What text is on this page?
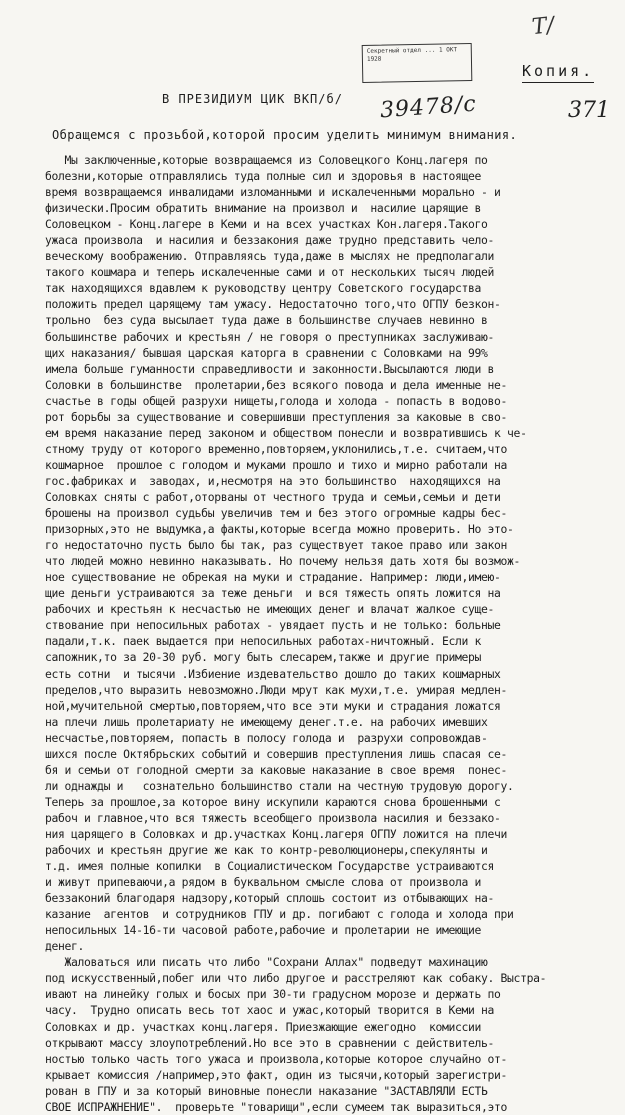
Т/
Секретный отдел ... 1 ОКТ 1928
Копия.
В ПРЕЗИДИУМ ЦИК ВКП/б/ 39478/с	371
Обращемся с прозьбой,которой просим уделить минимум внимания.
Мы заключенные,которые возвращаемся из Соловецкого Конц.лагеря по
болезни,которые отправлялись туда полные сил и здоровья в настоящее
время возвращаемся инвалидами изломанными и искалеченными морально - и
физически.Просим обратить внимание на произвол и  насилие царящие в
Соловецком - Конц.лагере в Кеми и на всех участках Кон.лагеря.Такого
ужаса произвола  и насилия и беззакония даже трудно представить чело-
веческому воображению. Отправляясь туда,даже в мыслях не предполагали
такого кошмара и теперь искалеченные сами и от нескольких тысяч людей
так находящихся вдавлем к руководству центру Советского государства
положить предел царящему там ужасу. Недостаточно того,что ОГПУ безкон-
трольно  без суда высылает туда даже в большинстве случаев невинно в
большинстве рабочих и крестьян / не говоря о преступниках заслуживаю-
щих наказания/ бывшая царская каторга в сравнении с Соловками на 99%
имела больше гуманности справедливости и законности.Высылаются люди в
Соловки в большинстве  пролетарии,без всякого повода и дела именные не-
счастье в годы общей разрухи нищеты,голода и холода - попасть в водово-
рот борьбы за существование и совершивши преступления за каковые в сво-
ем время наказание перед законом и обществом понесли и возвратившись к че-
стному труду от которого временно,повторяем,уклонились,т.е. считаем,что
кошмарное  прошлое с голодом и муками прошло и тихо и мирно работали на
гос.фабриках и  заводах, и,несмотря на это большинство  находящихся на
Соловках сняты с работ,оторваны от честного труда и семьи,семьи и дети
брошены на произвол судьбы увеличив тем и без этого огромные кадры бес-
призорных,это не выдумка,а факты,которые всегда можно проверить. Но это-
го недостаточно пусть было бы так, раз существует такое право или закон
что людей можно невинно наказывать. Но почему нельзя дать хотя бы возмож-
ное существование не обрекая на муки и страдание. Например: люди,имею-
щие деньги устраиваются за теже деньги  и вся тяжесть опять ложится на
рабочих и крестьян к несчастью не имеющих денег и влачат жалкое суще-
ствование при непосильных работах - увядает пусть и не только: больные
падали,т.к. паек выдается при непосильных работах-ничтожный. Если к
сапожник,то за 20-30 руб. могу быть слесарем,также и другие примеры
есть сотни  и тысячи .Избиение издевательство дошло до таких кошмарных
пределов,что выразить невозможно.Люди мрут как мухи,т.е. умирая медлен-
ной,мучительной смертью,повторяем,что все эти муки и страдания ложатся
на плечи лишь пролетариату не имеющему денег.т.е. на рабочих имевших
несчастье,повторяем, попасть в полосу голода и  разрухи сопровождав-
шихся после Октябрьских событий и совершив преступления лишь спасая се-
бя и семьи от голодной смерти за каковые наказание в свое время  понес-
ли однажды и   сознательно большинство стали на честную трудовую дорогу.
Теперь за прошлое,за которое вину искупили караются снова брошенными с
рабоч и главное,что вся тяжесть всеобщего произвола насилия и беззако-
ния царящего в Соловках и др.участках Конц.лагеря ОГПУ ложится на плечи
рабочих и крестьян другие же как то контр-революционеры,спекулянты и
т.д. имея полные копилки  в Социалистическом Государстве устраиваются
и живут припеваючи,а рядом в буквальном смысле слова от произвола и
беззаконий благодаря надзору,который сплошь состоит из отбывающих на-
казание  агентов  и сотрудников ГПУ и др. погибают с голода и холода при
непосильных 14-16-ти часовой работе,рабочие и пролетарии не имеющие
денег.
Жаловаться или писать что либо "Сохрани Аллах" подведут махинацию
под искусственный,побег или что либо другое и расстреляют как собаку. Выстра-
ивают на линейку голых и босых при 30-ти градусном морозе и держать по
часу.  Трудно описать весь тот хаос и ужас,который творится в Кеми на
Соловках и др. участках конц.лагеря. Приезжающие ежегодно  комиссии
открывают массу злоупотреблений.Но все это в сравнении с действитель-
ностью только часть того ужаса и произвола,которые которое случайно от-
крывает комиссия /например,это факт, один из тысячи,который зарегистри-
рован в ГПУ и за который виновные понесли наказание "ЗАСТАВЛЯЛИ ЕСТЬ
СВОЕ ИСПРАЖНЕНИЕ".  проверьте "товарищи",если сумеем так выразиться,это
